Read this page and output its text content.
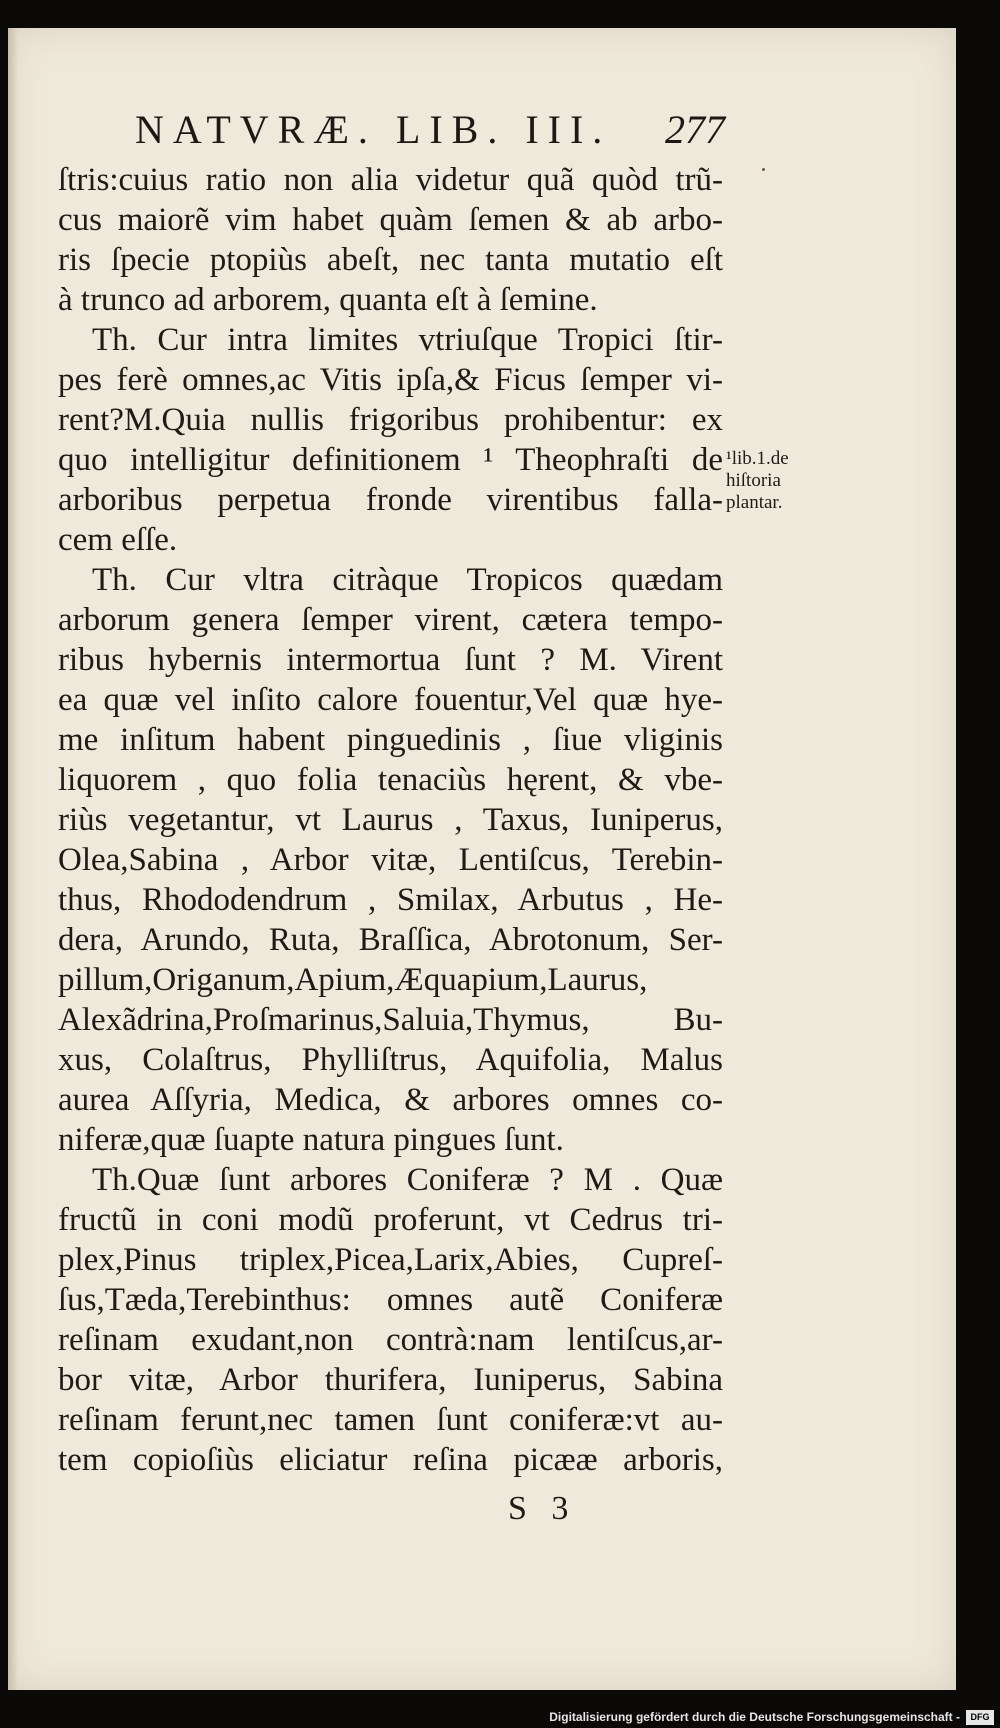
NATVRÆ. LIB. III. 277
ſtris:cuius ratio non alia videtur quã quòd trũ-
cus maiorẽ vim habet quàm ſemen & ab arbo-
ris ſpecie ptopiùs abeſt, nec tanta mutatio eſt
à trunco ad arborem, quanta eſt à ſemine.
Th. Cur intra limites vtriuſque Tropici ſtir-
pes ferè omnes,ac Vitis ipſa,& Ficus ſemper vi-
rent?M.Quia nullis frigoribus prohibentur: ex
quo intelligitur definitionem ¹ Theophraſti de
arboribus perpetua fronde virentibus falla-
cem eſſe.
Th. Cur vltra citràque Tropicos quædam
arborum genera ſemper virent, cætera tempo-
ribus hybernis intermortua ſunt ? M. Virent
ea quæ vel inſito calore fouentur,Vel quæ hye-
me inſitum habent pinguedinis , ſiue vliginis
liquorem , quo folia tenaciùs hęrent, & vbe-
riùs vegetantur, vt Laurus , Taxus, Iuniperus,
Olea,Sabina , Arbor vitæ, Lentiſcus, Terebin-
thus, Rhododendrum , Smilax, Arbutus , He-
dera, Arundo, Ruta, Braſſica, Abrotonum, Ser-
pillum,Origanum,Apium,Æquapium,Laurus,
Alexãdrina,Proſmarinus,Saluia,Thymus, Bu-
xus, Colaſtrus, Phylliſtrus, Aquifolia, Malus
aurea Aſſyria, Medica, & arbores omnes co-
niferæ,quæ ſuapte natura pingues ſunt.
Th.Quæ ſunt arbores Coniferæ ? M . Quæ
fructũ in coni modũ proferunt, vt Cedrus tri-
plex,Pinus triplex,Picea,Larix,Abies, Cupreſ-
ſus,Tæda,Terebinthus: omnes autẽ Coniferæ
reſinam exudant,non contrà:nam lentiſcus,ar-
bor vitæ, Arbor thurifera, Iuniperus, Sabina
reſinam ferunt,nec tamen ſunt coniferæ:vt au-
tem copioſiùs eliciatur reſina picææ arboris,
¹lib.1.de
hiſtoria
plantar.
S 3
Digitalisierung gefördert durch die Deutsche Forschungsgemeinschaft -	DFG
